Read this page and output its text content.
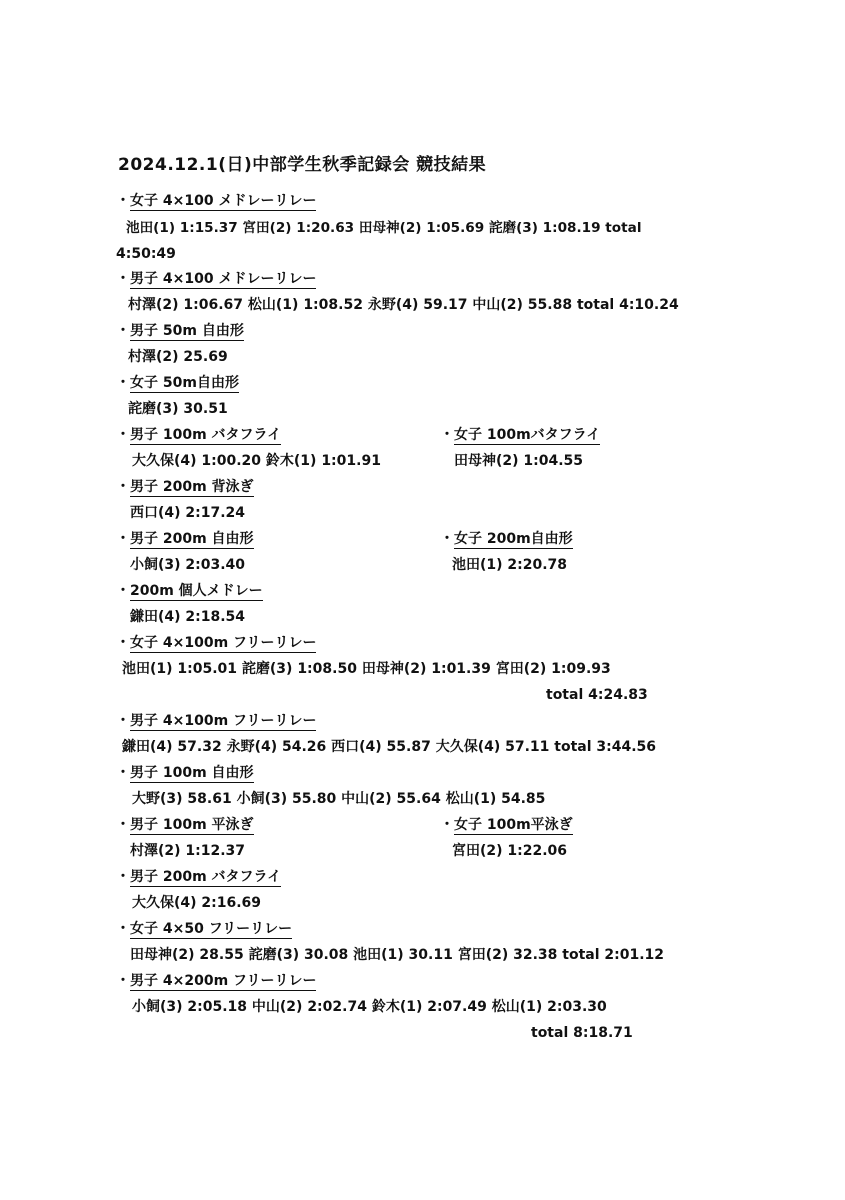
2024.12.1(日)中部学生秋季記録会 競技結果
・女子 4×100 メドレーリレー
池田(1) 1:15.37 宮田(2) 1:20.63 田母神(2) 1:05.69 詫磨(3) 1:08.19 total
4:50:49
・男子 4×100 メドレーリレー
村澤(2) 1:06.67 松山(1) 1:08.52 永野(4) 59.17 中山(2) 55.88 total 4:10.24
・男子 50m 自由形
村澤(2) 25.69
・女子 50m自由形
詫磨(3) 30.51
・男子 100m バタフライ
大久保(4) 1:00.20 鈴木(1) 1:01.91
・女子 100mバタフライ
田母神(2) 1:04.55
・男子 200m 背泳ぎ
西口(4) 2:17.24
・男子 200m 自由形
小飼(3) 2:03.40
・女子 200m自由形
池田(1) 2:20.78
・200m 個人メドレー
鎌田(4) 2:18.54
・女子 4×100m フリーリレー
池田(1) 1:05.01 詫磨(3) 1:08.50 田母神(2) 1:01.39 宮田(2) 1:09.93
total 4:24.83
・男子 4×100m フリーリレー
鎌田(4) 57.32 永野(4) 54.26 西口(4) 55.87 大久保(4) 57.11 total 3:44.56
・男子 100m 自由形
大野(3) 58.61 小飼(3) 55.80 中山(2) 55.64 松山(1) 54.85
・男子 100m 平泳ぎ
村澤(2) 1:12.37
・女子 100m平泳ぎ
宮田(2) 1:22.06
・男子 200m バタフライ
大久保(4) 2:16.69
・女子 4×50 フリーリレー
田母神(2) 28.55 詫磨(3) 30.08 池田(1) 30.11 宮田(2) 32.38 total 2:01.12
・男子 4×200m フリーリレー
小飼(3) 2:05.18 中山(2) 2:02.74 鈴木(1) 2:07.49 松山(1) 2:03.30
total 8:18.71
